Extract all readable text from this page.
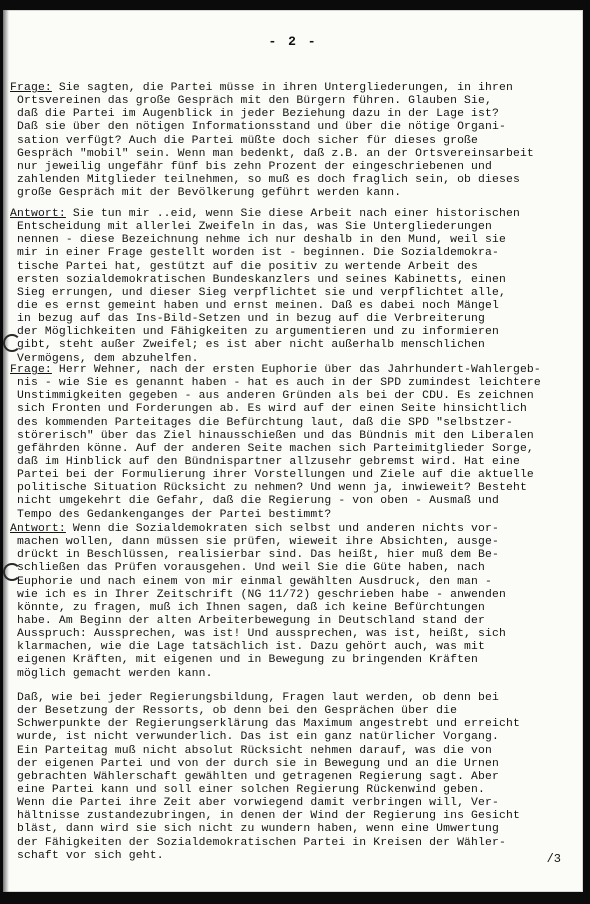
- 2 -
Frage: Sie sagten, die Partei müsse in ihren Untergliederungen, in ihren
Ortsvereinen das große Gespräch mit den Bürgern führen. Glauben Sie,
daß die Partei im Augenblick in jeder Beziehung dazu in der Lage ist?
Daß sie über den nötigen Informationsstand und über die nötige Organi-
sation verfügt? Auch die Partei müßte doch sicher für dieses große
Gespräch "mobil" sein. Wenn man bedenkt, daß z.B. an der Ortsvereinsarbeit
nur jeweilig ungefähr fünf bis zehn Prozent der eingeschriebenen und
zahlenden Mitglieder teilnehmen, so muß es doch fraglich sein, ob dieses
große Gespräch mit der Bevölkerung geführt werden kann.
Antwort: Sie tun mir ..eid, wenn Sie diese Arbeit nach einer historischen
Entscheidung mit allerlei Zweifeln in das, was Sie Untergliederungen
nennen - diese Bezeichnung nehme ich nur deshalb in den Mund, weil sie
mir in einer Frage gestellt worden ist - beginnen. Die Sozialdemokra-
tische Partei hat, gestützt auf die positiv zu wertende Arbeit des
ersten sozialdemokratischen Bundeskanzlers und seines Kabinetts, einen
Sieg errungen, und dieser Sieg verpflichtet sie und verpflichtet alle,
die es ernst gemeint haben und ernst meinen. Daß es dabei noch Mängel
in bezug auf das Ins-Bild-Setzen und in bezug auf die Verbreiterung
der Möglichkeiten und Fähigkeiten zu argumentieren und zu informieren
gibt, steht außer Zweifel; es ist aber nicht außerhalb menschlichen
Vermögens, dem abzuhelfen.
Frage: Herr Wehner, nach der ersten Euphorie über das Jahrhundert-Wahlergeb-
nis - wie Sie es genannt haben - hat es auch in der SPD zumindest leichtere
Unstimmigkeiten gegeben - aus anderen Gründen als bei der CDU. Es zeichnen
sich Fronten und Forderungen ab. Es wird auf der einen Seite hinsichtlich
des kommenden Parteitages die Befürchtung laut, daß die SPD "selbstzer-
störerisch" über das Ziel hinausschießen und das Bündnis mit den Liberalen
gefährden könne. Auf der anderen Seite machen sich Parteimitglieder Sorge,
daß im Hinblick auf den Bündnispartner allzusehr gebremst wird. Hat eine
Partei bei der Formulierung ihrer Vorstellungen und Ziele auf die aktuelle
politische Situation Rücksicht zu nehmen? Und wenn ja, inwieweit? Besteht
nicht umgekehrt die Gefahr, daß die Regierung - von oben - Ausmaß und
Tempo des Gedankenganges der Partei bestimmt?
Antwort: Wenn die Sozialdemokraten sich selbst und anderen nichts vor-
machen wollen, dann müssen sie prüfen, wieweit ihre Absichten, ausge-
drückt in Beschlüssen, realisierbar sind. Das heißt, hier muß dem Be-
schließen das Prüfen vorausgehen. Und weil Sie die Güte haben, nach
Euphorie und nach einem von mir einmal gewählten Ausdruck, den man -
wie ich es in Ihrer Zeitschrift (NG 11/72) geschrieben habe - anwenden
könnte, zu fragen, muß ich Ihnen sagen, daß ich keine Befürchtungen
habe. Am Beginn der alten Arbeiterbewegung in Deutschland stand der
Ausspruch: Aussprechen, was ist! Und aussprechen, was ist, heißt, sich
klarmachen, wie die Lage tatsächlich ist. Dazu gehört auch, was mit
eigenen Kräften, mit eigenen und in Bewegung zu bringenden Kräften
möglich gemacht werden kann.
Daß, wie bei jeder Regierungsbildung, Fragen laut werden, ob denn bei
der Besetzung der Ressorts, ob denn bei den Gesprächen über die
Schwerpunkte der Regierungserklärung das Maximum angestrebt und erreicht
wurde, ist nicht verwunderlich. Das ist ein ganz natürlicher Vorgang.
Ein Parteitag muß nicht absolut Rücksicht nehmen darauf, was die von
der eigenen Partei und von der durch sie in Bewegung und an die Urnen
gebrachten Wählerschaft gewählten und getragenen Regierung sagt. Aber
eine Partei kann und soll einer solchen Regierung Rückenwind geben.
Wenn die Partei ihre Zeit aber vorwiegend damit verbringen will, Ver-
hältnisse zustandezubringen, in denen der Wind der Regierung ins Gesicht
bläst, dann wird sie sich nicht zu wundern haben, wenn eine Umwertung
der Fähigkeiten der Sozialdemokratischen Partei in Kreisen der Wähler-
schaft vor sich geht.	/3
